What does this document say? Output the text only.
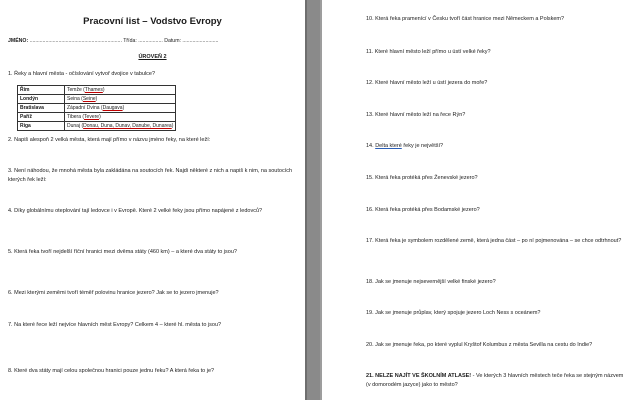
Pracovní list – Vodstvo Evropy
JMÉNO: ................................................................ Třída: ................. Datum: .........................
ÚROVEŇ 2
1. Řeky a hlavní města - očíslování vytvoř dvojice v tabulce?
Řím	Temže (Thames)
Londýn	Seina (Seine)
Bratislava	Západní Dvina (Daugava)
Paříž	Tibera (Tevere)
Riga	Dunaj (Donau, Duna, Dunav, Danube, Dunarea)
2. Napiš alespoň 2 velká města, která mají přímo v názvu jméno řeky, na které leží:
3. Není náhodou, že mnohá města byla zakládána na soutocích řek. Najdi některé z nich a napiš k nim, na soutocích kterých řek leží:
4. Díky globálnímu oteplování tají ledovce i v Evropě. Které 2 velké řeky jsou přímo napájené z ledovců?
5. Která řeka tvoří nejdelší říční hranici mezi dvěma státy (460 km) – a které dva státy to jsou?
6. Mezi kterými zeměmi tvoří téměř polovinu hranice jezero? Jak se to jezero jmenuje?
7. Na které řece leží nejvíce hlavních měst Evropy? Celkem 4 – které hl. města to jsou?
8. Které dva státy mají celou společnou hranici pouze jednu řeku? A která řeka to je?
10. Která řeka pramenící v Česku tvoří část hranice mezi Německem a Polskem?
11. Které hlavní město leží přímo u ústí velké řeky?
12. Které hlavní město leží u ústí jezera do moře?
13. Které hlavní město leží na řece Rýn?
14. Delta které řeky je největší?
15. Která řeka protéká přes Ženevské jezero?
16. Která řeka protéká přes Bodamské jezero?
17. Která řeka je symbolem rozdělené země, která jedna část – po ní pojmenována – se chce odtrhnout?
18. Jak se jmenuje nejsevernější velké finské jezero?
19. Jak se jmenuje průplav, který spojuje jezero Loch Ness s oceánem?
20. Jak se jmenuje řeka, po které vyplul Kryštof Kolumbus z města Sevilla na cestu do Indie?
21. NELZE NAJÍT VE ŠKOLNÍM ATLASE! - Ve kterých 3 hlavních městech teče řeka se stejným názvem (v domorodém jazyce) jako to město?
